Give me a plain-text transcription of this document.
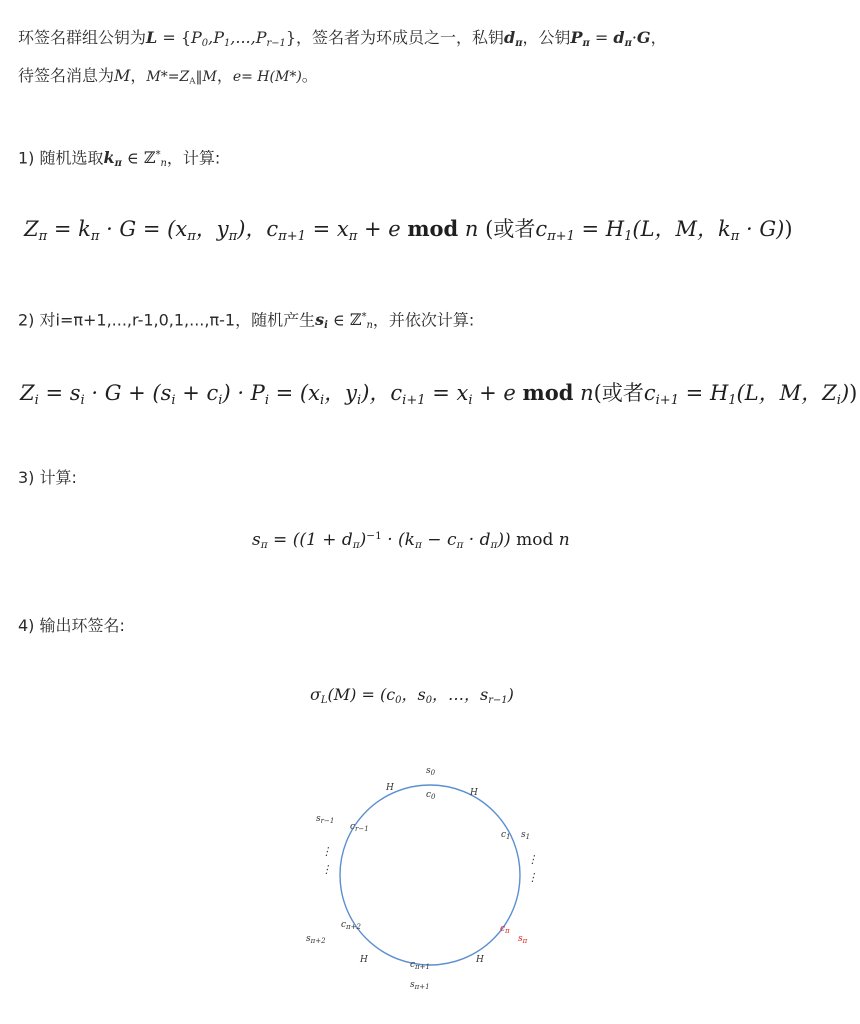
环签名群组公钥为$L = \{P_0,P_1,...,P_{r-1}\}$，签名者为环成员之一，私钥$d_\pi$，公钥$P_\pi = d_\pi\cdot G$，
待签名消息为M，$M*=Z_A‖M$，e= H(M*)。
1) 随机选取$k_\pi$ ∈ ℤ*$_n$，计算:
$Z_\pi = k_\pi \cdot G = (x_\pi$，$y_\pi$)，$c_{\pi+1} = x_\pi + e$ mod n (或者$c_{\pi+1} = H_1(L$，M，$k_\pi \cdot G$))
2) 对i=π+1,...,r-1,0,1,...,π-1，随机产生$s_i$ ∈ ℤ*$_n$，并依次计算:
$Z_i = s_i \cdot G + (s_i + c_i) \cdot P_i = (x_i$，$y_i$)，$c_{i+1} = x_i + e$ mod n(或者$c_{i+1} = H_1(L$，M，$Z_i$))
3) 计算:
$s_\pi = ((1 + d_\pi)^{-1} \cdot (k_\pi - c_\pi \cdot d_\pi))$ mod n
4) 输出环签名:
$\sigma_L(M) = (c_0$，$s_0$，…，$s_{r-1}$)
$s_0$
$c_0$
H	H
$c_1$ $s_1$
$s_{r-1}$
$c_{r-1}$
⋮
⋮
⋮
⋮
$c_{\pi+2}$
$s_{\pi+2}$
$c_\pi$
$s_\pi$
H	H
$c_{\pi+1}$
$s_{\pi+1}$
